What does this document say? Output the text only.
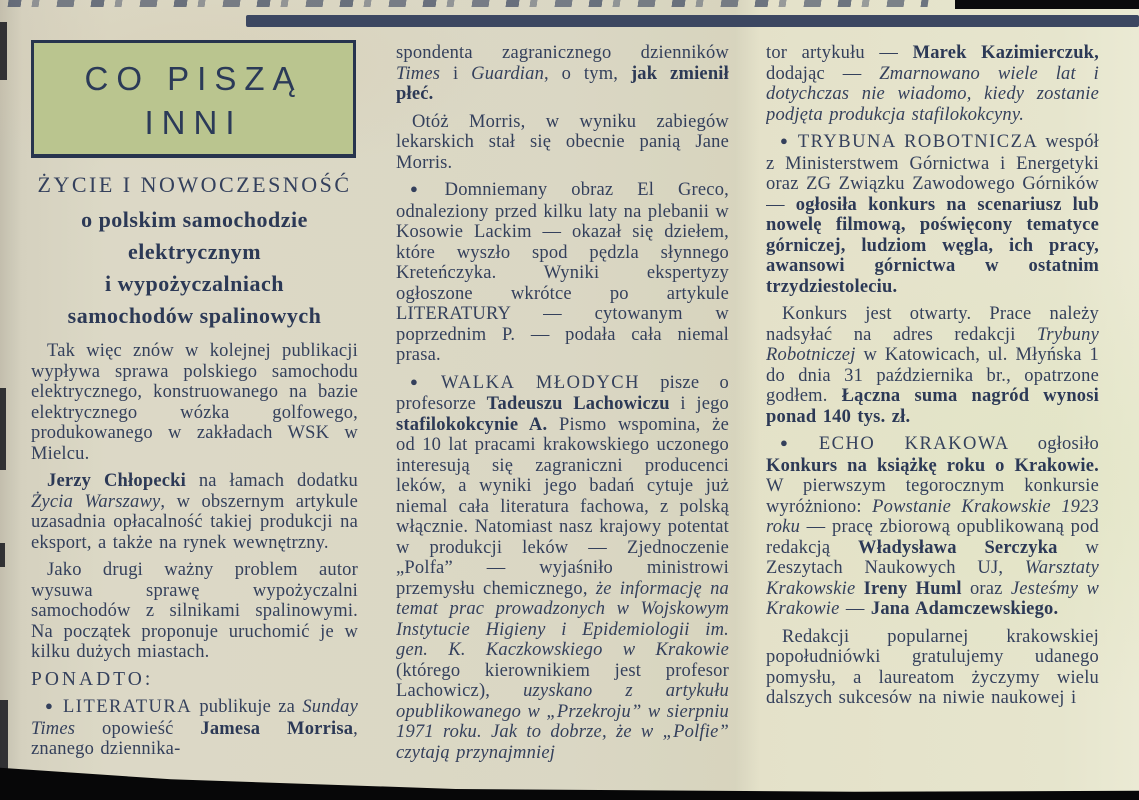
CO PISZĄ
INNI
ŻYCIE I NOWOCZESNOŚĆ
o polskim samochodzie
elektrycznym
i wypożyczalniach
samochodów spalinowych

Tak więc znów w kolejnej publikacji wypływa sprawa polskiego samochodu elektrycznego, konstruowanego na bazie elektrycznego wózka golfowego, produkowanego w zakładach WSK w Mielcu.

Jerzy Chłopecki na łamach dodatku Życia Warszawy, w obszernym artykule uzasadnia opłacalność takiej produkcji na eksport, a także na rynek wewnętrzny.

Jako drugi ważny problem autor wysuwa sprawę wypożyczalni samochodów z silnikami spalinowymi. Na początek proponuje uruchomić je w kilku dużych miastach.

PONADTO:

● LITERATURA publikuje za Sunday Times opowieść Jamesa Morrisa, znanego dziennika-

spondenta zagranicznego dzienników Times i Guardian, o tym, jak zmienił płeć.

Otóż Morris, w wyniku zabiegów lekarskich stał się obecnie panią Jane Morris.

● Domniemany obraz El Greco, odnaleziony przed kilku laty na plebanii w Kosowie Lackim — okazał się dziełem, które wyszło spod pędzla słynnego Kreteńczyka. Wyniki ekspertyzy ogłoszone wkrótce po artykule LITERATURY — cytowanym w poprzednim P. — podała cała niemal prasa.

● WALKA MŁODYCH pisze o profesorze Tadeuszu Lachowiczu i jego stafilokokcynie A. Pismo wspomina, że od 10 lat pracami krakowskiego uczonego interesują się zagraniczni producenci leków, a wyniki jego badań cytuje już niemal cała literatura fachowa, z polską włącznie. Natomiast nasz krajowy potentat w produkcji leków — Zjednoczenie „Polfa” — wyjaśniło ministrowi przemysłu chemicznego, że informację na temat prac prowadzonych w Wojskowym Instytucie Higieny i Epidemiologii im. gen. K. Kaczkowskiego w Krakowie (którego kierownikiem jest profesor Lachowicz), uzyskano z artykułu opublikowanego w „Przekroju” w sierpniu 1971 roku. Jak to dobrze, że w „Polfie” czytają przynajmniej

tor artykułu — Marek Kazimierczuk, dodając — Zmarnowano wiele lat i dotychczas nie wiadomo, kiedy zostanie podjęta produkcja stafilokokcyny.

● TRYBUNA ROBOTNICZA wespół z Ministerstwem Górnictwa i Energetyki oraz ZG Związku Zawodowego Górników — ogłosiła konkurs na scenariusz lub nowelę filmową, poświęcony tematyce górniczej, ludziom węgla, ich pracy, awansowi górnictwa w ostatnim trzydziestoleciu.

Konkurs jest otwarty. Prace należy nadsyłać na adres redakcji Trybuny Robotniczej w Katowicach, ul. Młyńska 1 do dnia 31 października br., opatrzone godłem. Łączna suma nagród wynosi ponad 140 tys. zł.

● ECHO KRAKOWA ogłosiło Konkurs na książkę roku o Krakowie. W pierwszym tegorocznym konkursie wyróżniono: Powstanie Krakowskie 1923 roku — pracę zbiorową opublikowaną pod redakcją Władysława Serczyka w Zeszytach Naukowych UJ, Warsztaty Krakowskie Ireny Huml oraz Jesteśmy w Krakowie — Jana Adamczewskiego.

Redakcji popularnej krakowskiej popołudniówki gratulujemy udanego pomysłu, a laureatom życzymy wielu dalszych sukcesów na niwie naukowej i
